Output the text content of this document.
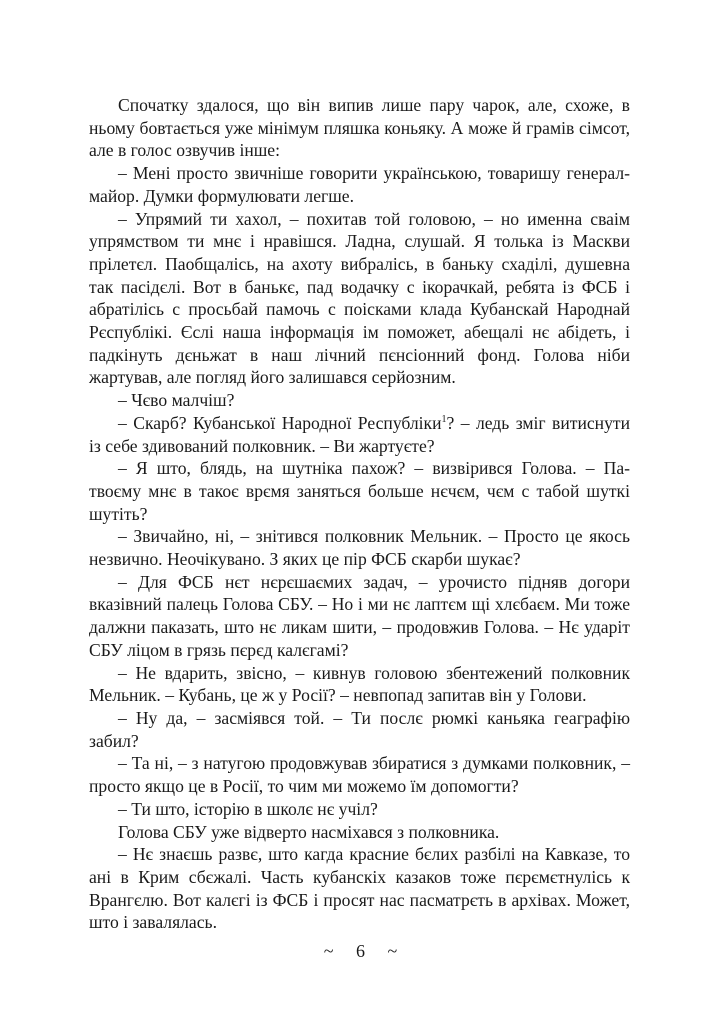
Спочатку здалося, що він випив лише пару чарок, але, схоже, в ньому бовтається уже мінімум пляшка коньяку. А може й грамів сімсот, але в голос озвучив інше:

– Мені просто звичніше говорити українською, товаришу генерал-майор. Думки формулювати легше.

– Упрямий ти хахол, – похитав той головою, – но именна сваім упрямством ти мнє і нравішся. Ладна, слушай. Я толька із Маскви прілетєл. Паобщаліcь, на ахоту вибралісь, в баньку схаділі, душевна так пасідєлі. Вот в банькє, пад водачку с ікорачкай, ребята із ФСБ і абратілісь с просьбай памочь с поісками клада Кубанскай Народнай Рєспублікі. Єслі наша інформація ім поможет, абещалі нє абідеть, і падкінуть дєньжат в наш лічний пєнсіонний фонд. Голова ніби жартував, але погляд його залишався серйозним.

– Чєво малчіш?

– Скарб? Кубанської Народної Республіки$^1$? – ледь зміг витиснути із себе здивований полковник. – Ви жартуєте?

– Я што, блядь, на шутніка пахож? – визвірився Голова. – Па-твоєму мнє в такоє врємя заняться больше нєчєм, чєм с табой шуткі шутіть?

– Звичайно, ні, – знітився полковник Мельник. – Просто це якось незвично. Неочікувано. З яких це пір ФСБ скарби шукає?

– Для ФСБ нєт нєрєшаємих задач, – урочисто підняв догори вказівний палець Голова СБУ. – Но і ми нє лаптєм щі хлєбаєм. Ми тоже далжни паказать, што нє ликам шити, – продовжив Голова. – Нє ударіт СБУ ліцом в грязь пєрєд калєгамі?

– Не вдарить, звісно, – кивнув головою збентежений полковник Мельник. – Кубань, це ж у Росії? – невпопад запитав він у Голови.

– Ну да, – засміявся той. – Ти послє рюмкі каньяка геаграфію забил?

– Та ні, – з натугою продовжував збиратися з думками полковник, – просто якщо це в Росії, то чим ми можемо їм допомогти?

– Ти што, історію в школє нє учіл?

Голова СБУ уже відверто насміхався з полковника.

– Нє знаєшь развє, што кагда красние бєлих разбілі на Кавказе, то ані в Крим сбєжалі. Часть кубанскіх казаков тоже пєрємєтнулісь к Врангєлю. Вот калєгі із ФСБ і просят нас пасматрєть в архівах. Может, што і завалялась.

~ 6 ~
